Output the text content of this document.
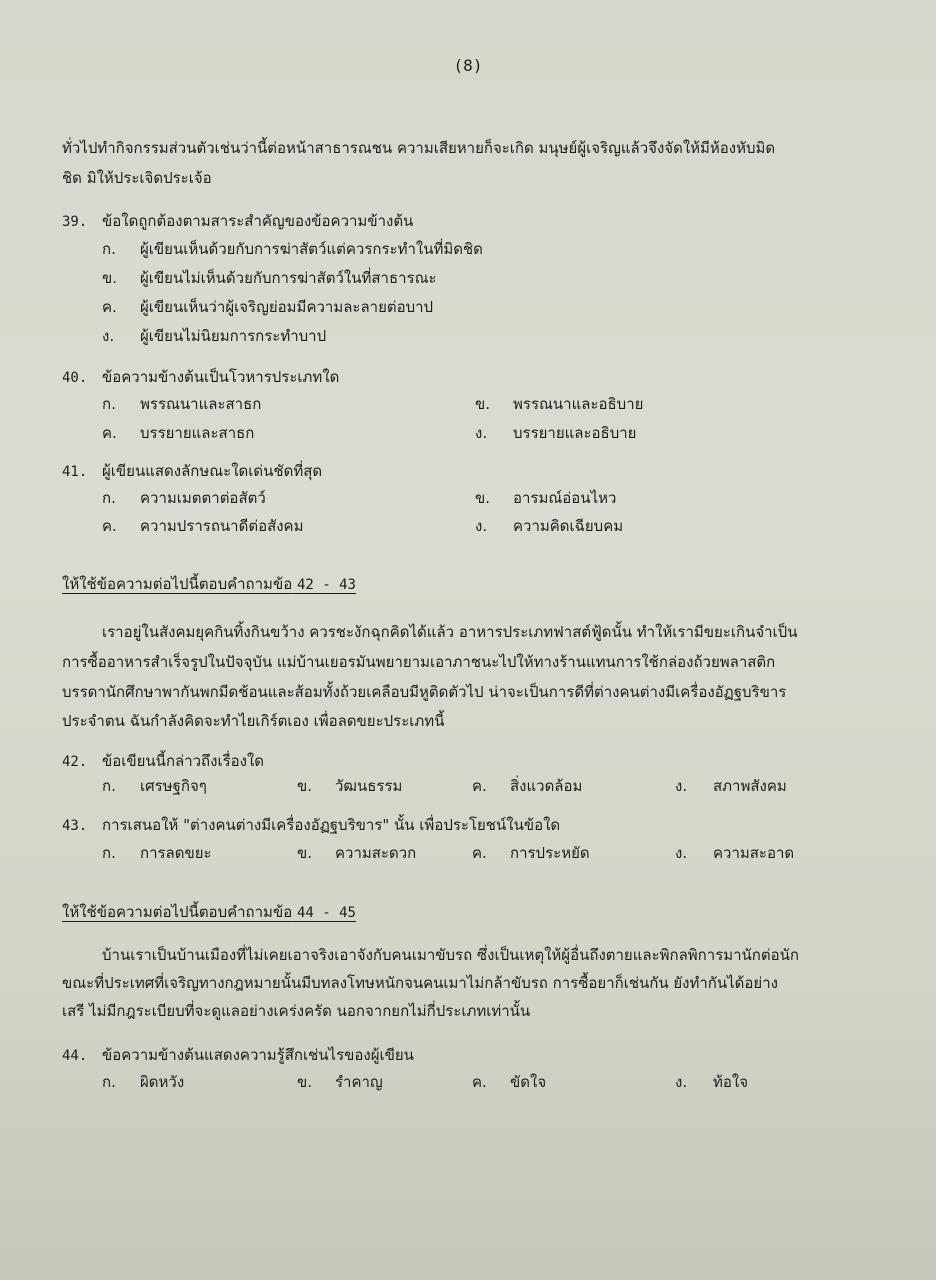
(8)
ทั่วไปทำกิจกรรมส่วนตัวเช่นว่านี้ต่อหน้าสาธารณชน ความเสียหายก็จะเกิด มนุษย์ผู้เจริญแล้วจึงจัดให้มีห้องหับมิด
ชิด มิให้ประเจิดประเจ้อ
39. ข้อใดถูกต้องตามสาระสำคัญของข้อความข้างต้น
ก. ผู้เขียนเห็นด้วยกับการฆ่าสัตว์แต่ควรกระทำในที่มิดชิด
ข. ผู้เขียนไม่เห็นด้วยกับการฆ่าสัตว์ในที่สาธารณะ
ค. ผู้เขียนเห็นว่าผู้เจริญย่อมมีความละลายต่อบาป
ง. ผู้เขียนไม่นิยมการกระทำบาป
40. ข้อความข้างต้นเป็นโวหารประเภทใด
ก. พรรณนาและสาธก	ข. พรรณนาและอธิบาย
ค. บรรยายและสาธก	ง. บรรยายและอธิบาย
41. ผู้เขียนแสดงลักษณะใดเด่นชัดที่สุด
ก. ความเมตตาต่อสัตว์	ข. อารมณ์อ่อนไหว
ค. ความปรารถนาดีต่อสังคม	ง. ความคิดเฉียบคม
ให้ใช้ข้อความต่อไปนี้ตอบคำถามข้อ 42 - 43
เราอยู่ในสังคมยุคกินทิ้งกินขว้าง ควรชะงักฉุกคิดได้แล้ว อาหารประเภทฟาสต์ฟู้ดนั้น ทำให้เรามีขยะเกินจำเป็น
การซื้ออาหารสำเร็จรูปในปัจจุบัน แม่บ้านเยอรมันพยายามเอาภาชนะไปให้ทางร้านแทนการใช้กล่องถ้วยพลาสติก
บรรดานักศึกษาพากันพกมีดช้อนและส้อมทั้งถ้วยเคลือบมีหูติดตัวไป น่าจะเป็นการดีที่ต่างคนต่างมีเครื่องอัฏฐบริขาร
ประจำตน ฉันกำลังคิดจะทำไยเกิร์ตเอง เพื่อลดขยะประเภทนี้
42. ข้อเขียนนี้กล่าวถึงเรื่องใด
ก. เศรษฐกิจๆ	ข. วัฒนธรรม	ค. สิ่งแวดล้อม	ง. สภาพสังคม
43. การเสนอให้ "ต่างคนต่างมีเครื่องอัฏฐบริขาร" นั้น เพื่อประโยชน์ในข้อใด
ก. การลดขยะ	ข. ความสะดวก	ค. การประหยัด	ง. ความสะอาด
ให้ใช้ข้อความต่อไปนี้ตอบคำถามข้อ 44 - 45
บ้านเราเป็นบ้านเมืองที่ไม่เคยเอาจริงเอาจังกับคนเมาขับรถ ซึ่งเป็นเหตุให้ผู้อื่นถึงตายและพิกลพิการมานักต่อนัก
ขณะที่ประเทศที่เจริญทางกฎหมายนั้นมีบทลงโทษหนักจนคนเมาไม่กล้าขับรถ การซื้อยาก็เช่นกัน ยังทำกันได้อย่าง
เสรี ไม่มีกฎระเบียบที่จะดูแลอย่างเคร่งครัด นอกจากยกไม่กี่ประเภทเท่านั้น
44. ข้อความข้างต้นแสดงความรู้สึกเช่นไรของผู้เขียน
ก. ผิดหวัง	ข. รำคาญ	ค. ขัดใจ	ง. ท้อใจ
